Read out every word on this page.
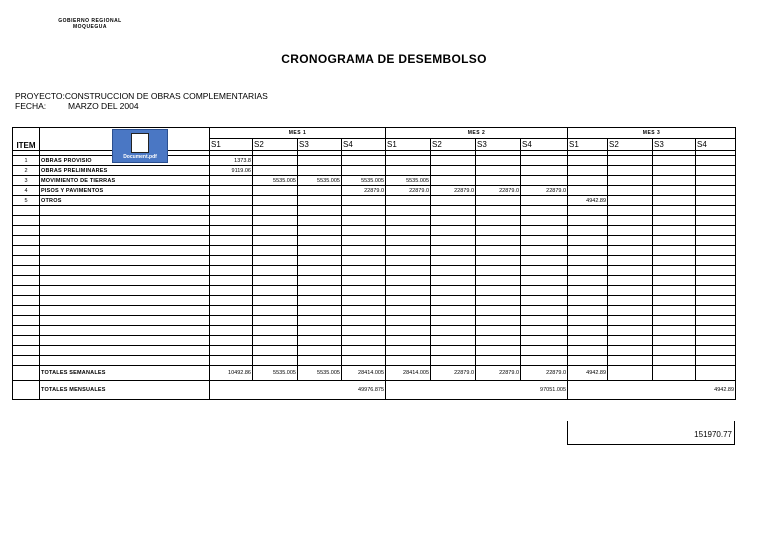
GOBIERNO REGIONAL
MOQUEGUA
CRONOGRAMA DE DESEMBOLSO
PROYECTO:CONSTRUCCION DE OBRAS COMPLEMENTARIAS
FECHA:	MARZO DEL 2004
		MES 1				MES 2				MES 3			
ITEM		S1	S2	S3	S4	S1	S2	S3	S4	S1	S2	S3	S4

1	OBRAS PROVISIO	1373.8											
2	OBRAS PRELIMINARES	9119.06											
3	MOVIMIENTO DE TIERRAS		5535.005	5535.005	5535.005	5535.005							
4	PISOS Y PAVIMENTOS				22879.0	22879.0	22879.0	22879.0	22879.0				
5	OTROS									4942.89			

	TOTALES SEMANALES	10492.86	5535.005	5535.005	28414.005	28414.005	22879.0	22879.0	22879.0	4942.89			
	TOTALES MENSUALES	49976.875				97051.005				4942.89			
151970.77
Document.pdf
